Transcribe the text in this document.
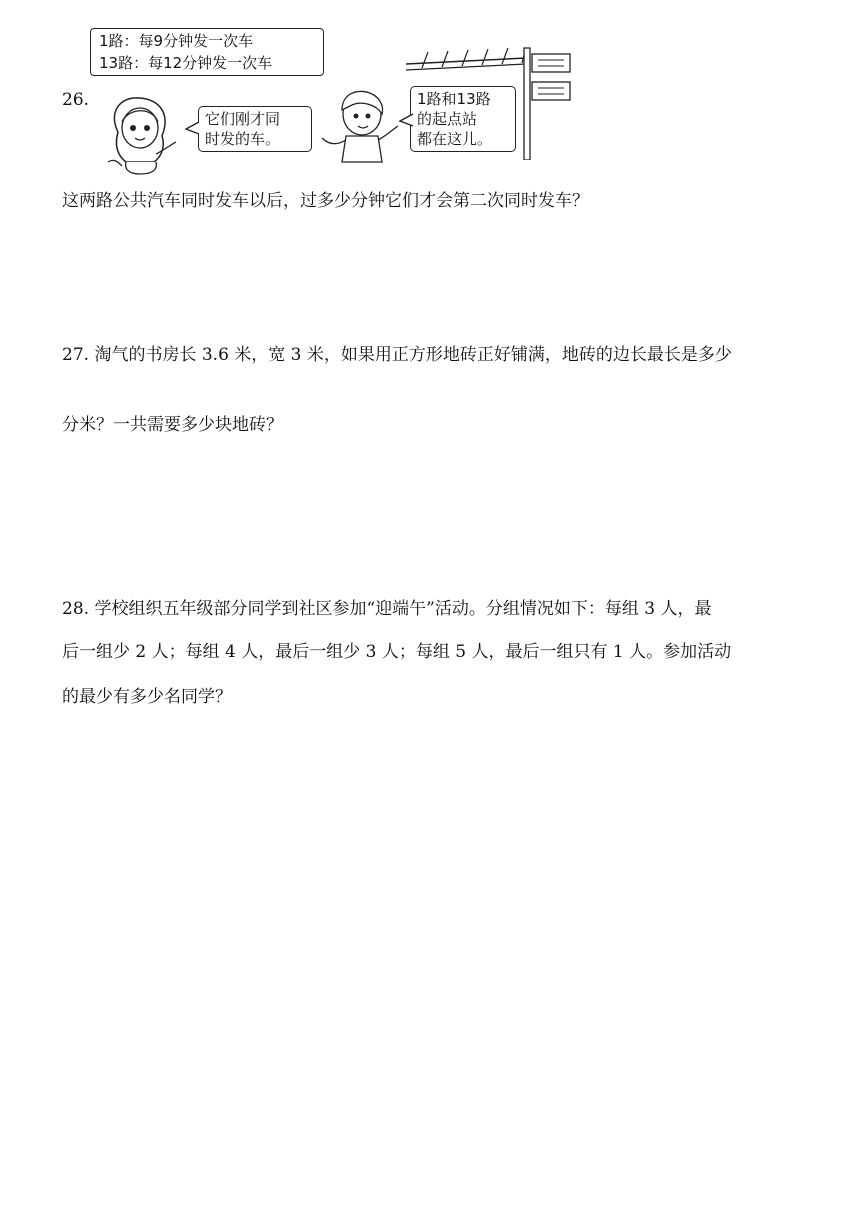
26.
1路：每9分钟发一次车
13路：每12分钟发一次车
它们刚才同
时发的车。
1路和13路
的起点站
都在这儿。
这两路公共汽车同时发车以后，过多少分钟它们才会第二次同时发车？
27. 淘气的书房长 3.6 米，宽 3 米，如果用正方形地砖正好铺满，地砖的边长最长是多少
分米？一共需要多少块地砖？
28. 学校组织五年级部分同学到社区参加“迎端午”活动。分组情况如下：每组 3 人，最
后一组少 2 人；每组 4 人，最后一组少 3 人；每组 5 人，最后一组只有 1 人。参加活动
的最少有多少名同学？
